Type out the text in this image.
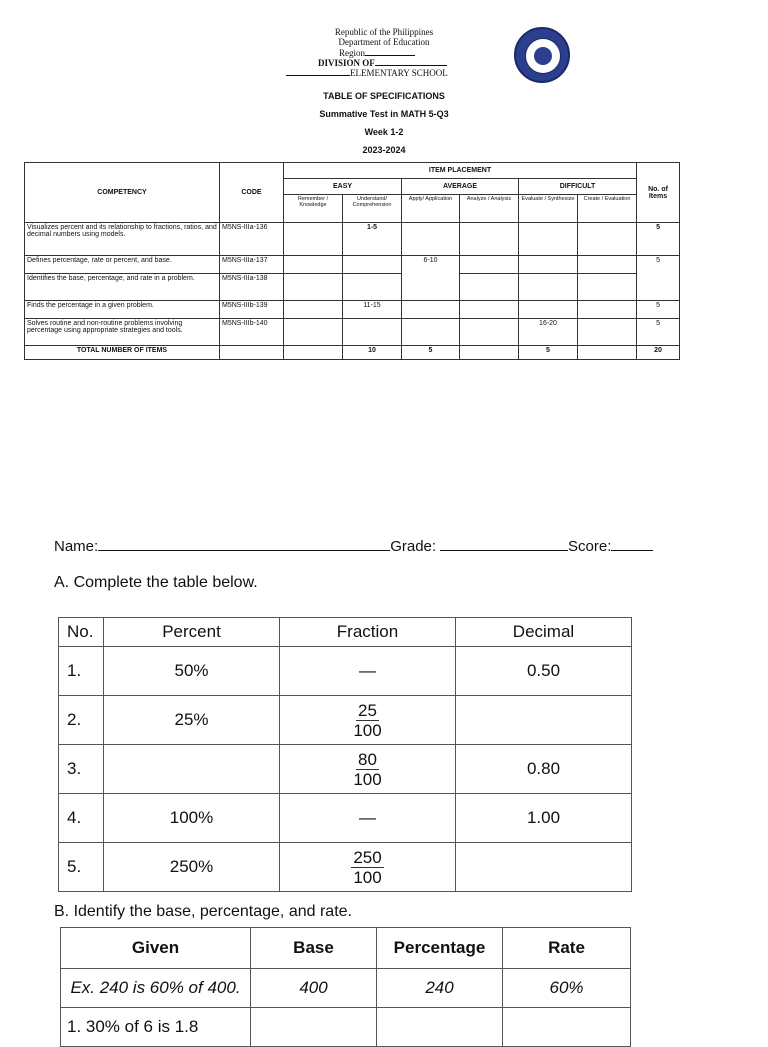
Republic of the Philippines
Department of Education
Region
DIVISION OF
ELEMENTARY SCHOOL
TABLE OF SPECIFICATIONS
Summative Test in MATH 5-Q3
Week 1-2
2023-2024
COMPETENCY	CODE	ITEM PLACEMENT						No. of Items
		EASY		AVERAGE		DIFFICULT		
		Remember / Knowledge	Understand/ Comprehension	Apply/ Application	Analyze / Analysis	Evaluate / Synthesize	Create / Evaluation	
Visualizes percent and its relationship to fractions, ratios, and decimal numbers using models.	M5NS-IIIa-136		1-5					5
Defines percentage, rate or percent, and base.	M5NS-IIIa-137			6-10				5
Identifies the base, percentage, and rate in a problem.	M5NS-IIIa-138							
Finds the percentage in a given problem.	M5NS-IIIb-139		11-15					5
Solves routine and non-routine problems involving percentage using appropriate strategies and tools.	M5NS-IIIb-140					16-20		5
TOTAL NUMBER OF ITEMS			10	5		5		20
Name:	Grade:	Score:
A. Complete the table below.
No.	Percent	Fraction	Decimal
1.	50%	—	0.50
2.	25%	$\frac{25}{100}$

3.		$\frac{80}{100}$	0.80
4.	100%	—	1.00
5.	250%	$\frac{250}{100}$

B. Identify the base, percentage, and rate.
Given	Base	Percentage	Rate
Ex. 240 is 60% of 400.	400	240	60%
1. 30% of 6 is 1.8			
